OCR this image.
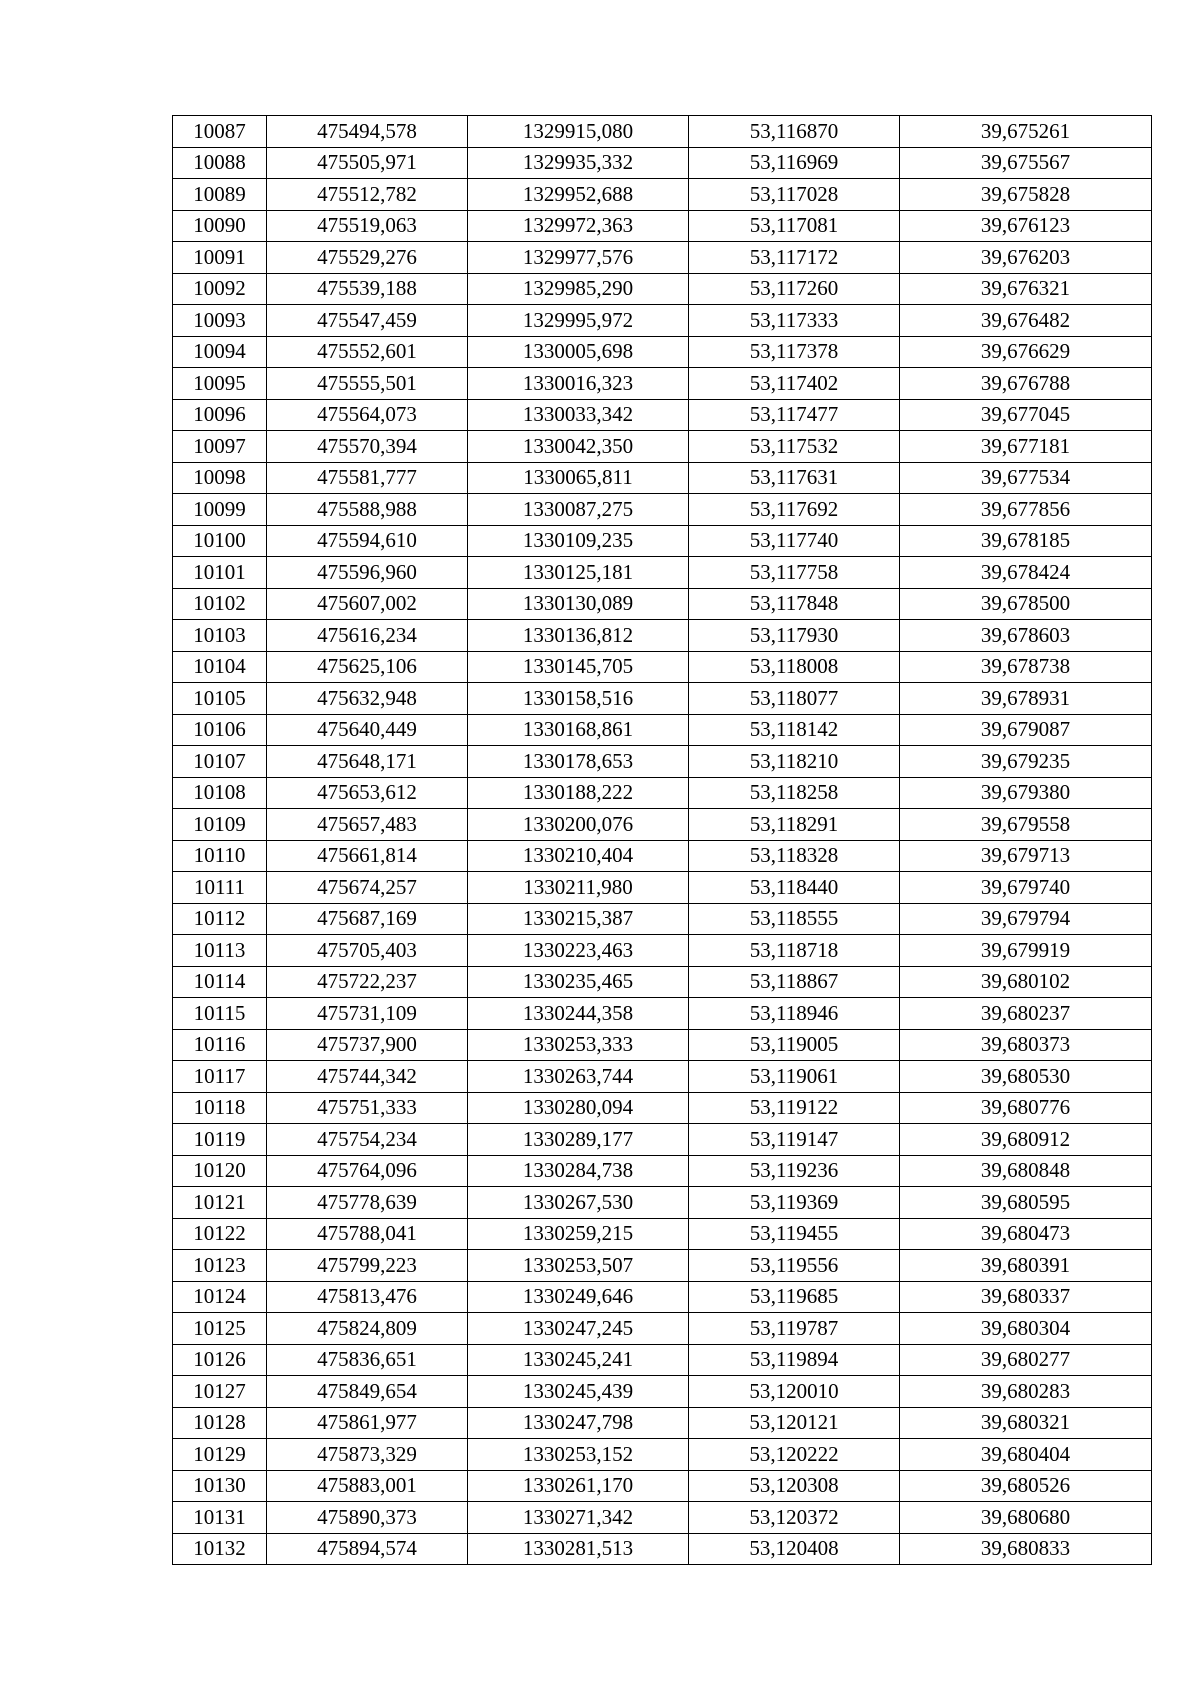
10087	475494,578	1329915,080	53,116870	39,675261
10088	475505,971	1329935,332	53,116969	39,675567
10089	475512,782	1329952,688	53,117028	39,675828
10090	475519,063	1329972,363	53,117081	39,676123
10091	475529,276	1329977,576	53,117172	39,676203
10092	475539,188	1329985,290	53,117260	39,676321
10093	475547,459	1329995,972	53,117333	39,676482
10094	475552,601	1330005,698	53,117378	39,676629
10095	475555,501	1330016,323	53,117402	39,676788
10096	475564,073	1330033,342	53,117477	39,677045
10097	475570,394	1330042,350	53,117532	39,677181
10098	475581,777	1330065,811	53,117631	39,677534
10099	475588,988	1330087,275	53,117692	39,677856
10100	475594,610	1330109,235	53,117740	39,678185
10101	475596,960	1330125,181	53,117758	39,678424
10102	475607,002	1330130,089	53,117848	39,678500
10103	475616,234	1330136,812	53,117930	39,678603
10104	475625,106	1330145,705	53,118008	39,678738
10105	475632,948	1330158,516	53,118077	39,678931
10106	475640,449	1330168,861	53,118142	39,679087
10107	475648,171	1330178,653	53,118210	39,679235
10108	475653,612	1330188,222	53,118258	39,679380
10109	475657,483	1330200,076	53,118291	39,679558
10110	475661,814	1330210,404	53,118328	39,679713
10111	475674,257	1330211,980	53,118440	39,679740
10112	475687,169	1330215,387	53,118555	39,679794
10113	475705,403	1330223,463	53,118718	39,679919
10114	475722,237	1330235,465	53,118867	39,680102
10115	475731,109	1330244,358	53,118946	39,680237
10116	475737,900	1330253,333	53,119005	39,680373
10117	475744,342	1330263,744	53,119061	39,680530
10118	475751,333	1330280,094	53,119122	39,680776
10119	475754,234	1330289,177	53,119147	39,680912
10120	475764,096	1330284,738	53,119236	39,680848
10121	475778,639	1330267,530	53,119369	39,680595
10122	475788,041	1330259,215	53,119455	39,680473
10123	475799,223	1330253,507	53,119556	39,680391
10124	475813,476	1330249,646	53,119685	39,680337
10125	475824,809	1330247,245	53,119787	39,680304
10126	475836,651	1330245,241	53,119894	39,680277
10127	475849,654	1330245,439	53,120010	39,680283
10128	475861,977	1330247,798	53,120121	39,680321
10129	475873,329	1330253,152	53,120222	39,680404
10130	475883,001	1330261,170	53,120308	39,680526
10131	475890,373	1330271,342	53,120372	39,680680
10132	475894,574	1330281,513	53,120408	39,680833
